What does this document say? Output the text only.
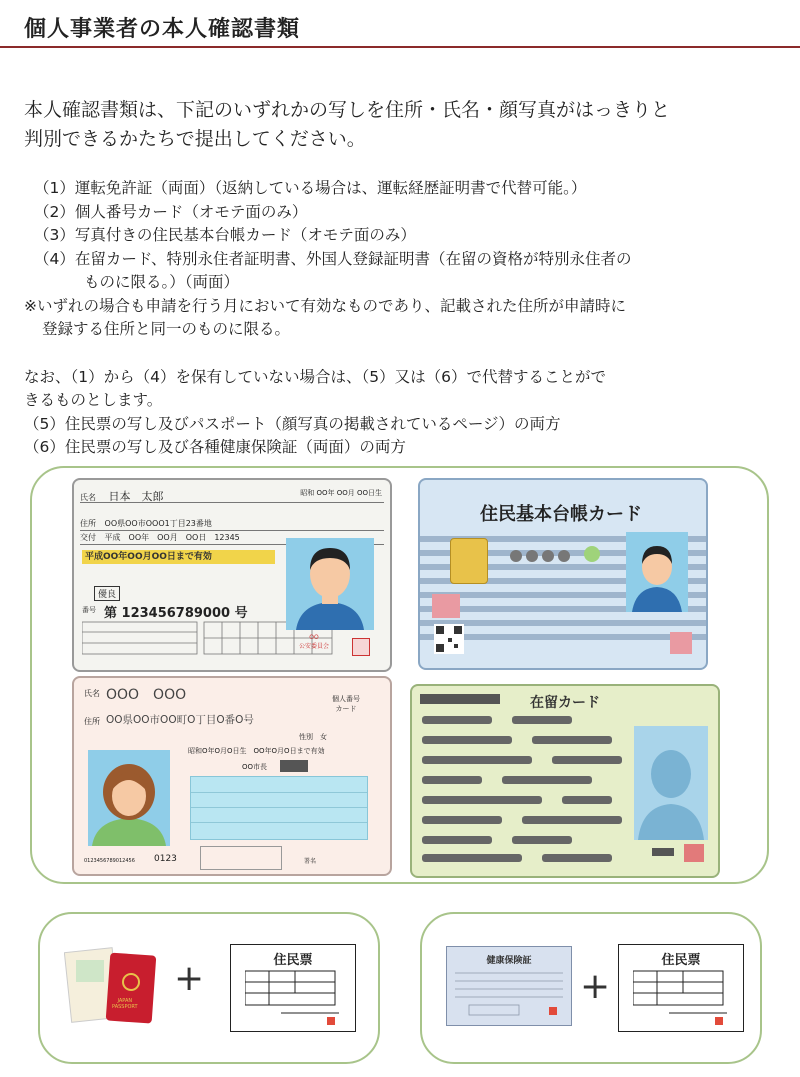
個人事業者の本人確認書類
本人確認書類は、下記のいずれかの写しを住所・氏名・顔写真がはっきりと
判別できるかたちで提出してください。
（1）運転免許証（両面）（返納している場合は、運転経歴証明書で代替可能。）
（2）個人番号カード（オモテ面のみ）
（3）写真付きの住民基本台帳カード（オモテ面のみ）
（4）在留カード、特別永住者証明書、外国人登録証明書（在留の資格が特別永住者の
ものに限る。）（両面）
※いずれの場合も申請を行う月において有効なものであり、記載された住所が申請時に
登録する住所と同一のものに限る。
なお、（1）から（4）を保有していない場合は、（5）又は（6）で代替することがで
きるものとします。
（5）住民票の写し及びパスポート（顔写真の掲載されているページ）の両方
（6）住民票の写し及び各種健康保険証（両面）の両方
氏名 日本　太郎	昭和 OO年 OO月 OO日生
住所 OO県OO市OOO1丁目23番地
交付 平成　OO年　OO月　OO日　12345
平成OO年OO月OO日まで有効
優良
番号 第 123456789000 号
OO
公安委員会
住民基本台帳カード
氏名 OOO　OOO
住所 OO県OO市OO町O丁目O番O号
個人番号
カード
性別　女
昭和O年O月O日生　OO年O月O日まで有効
OO市長
0123456789012456 0123	署名
在留カード
JAPAN
PASSPORT
+	住民票	健康保険証
+
住民票
